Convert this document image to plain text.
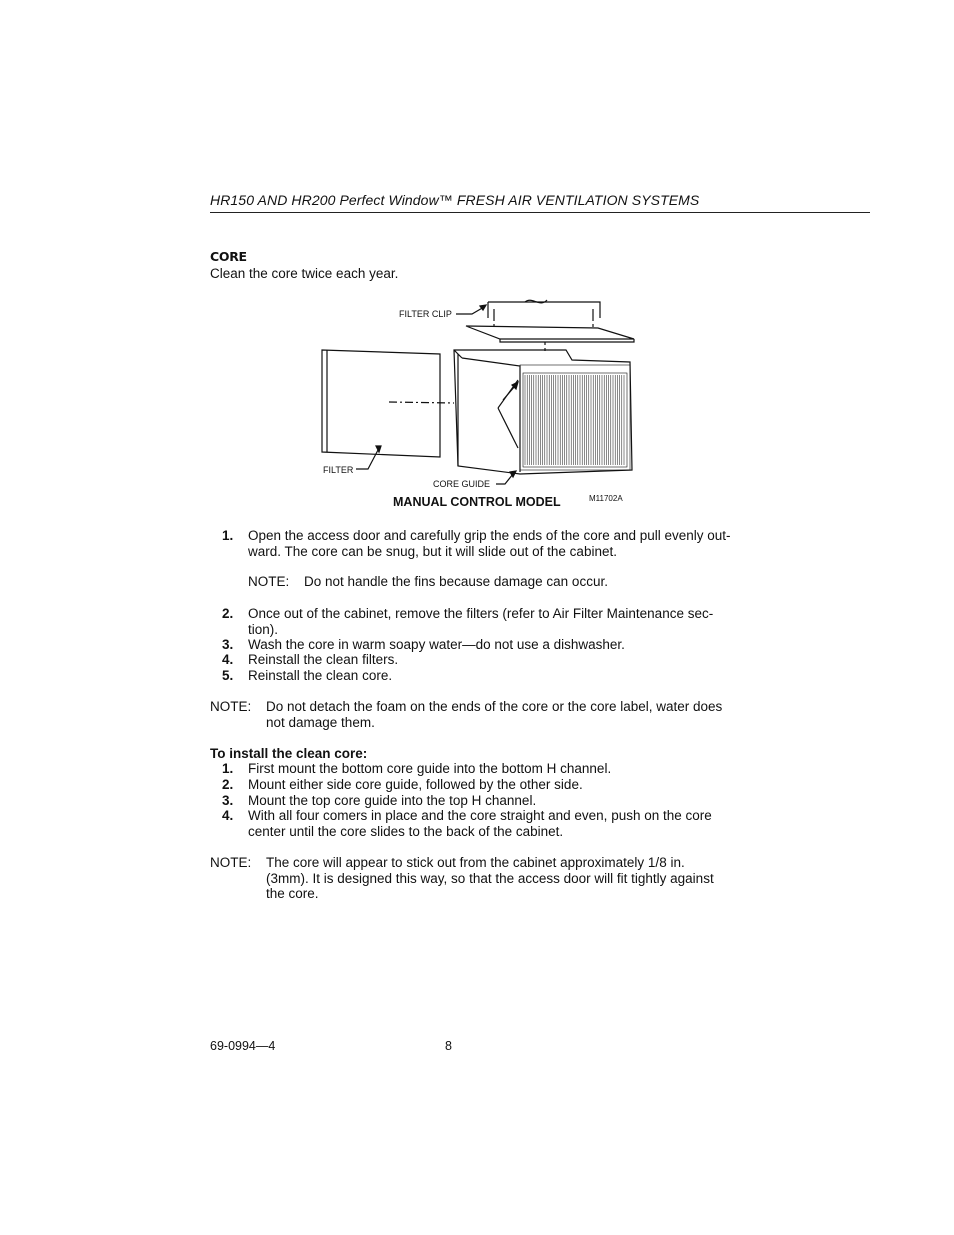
HR150 AND HR200 Perfect Window™ FRESH AIR VENTILATION SYSTEMS
CORE
Clean the core twice each year.
FILTER CLIP
FILTER
CORE GUIDE
MANUAL CONTROL MODEL	M11702A
1. Open the access door and carefully grip the ends of the core and pull evenly out-
ward. The core can be snug, but it will slide out of the cabinet.
NOTE: Do not handle the fins because damage can occur.
2. Once out of the cabinet, remove the filters (refer to Air Filter Maintenance sec-
tion).
3. Wash the core in warm soapy water—do not use a dishwasher.
4. Reinstall the clean filters.
5. Reinstall the clean core.
NOTE: Do not detach the foam on the ends of the core or the core label, water does
not damage them.
To install the clean core:
1. First mount the bottom core guide into the bottom H channel.
2. Mount either side core guide, followed by the other side.
3. Mount the top core guide into the top H channel.
4. With all four comers in place and the core straight and even, push on the core
center until the core slides to the back of the cabinet.
NOTE: The core will appear to stick out from the cabinet approximately 1/8 in.
(3mm). It is designed this way, so that the access door will fit tightly against
the core.
69-0994—4	8
